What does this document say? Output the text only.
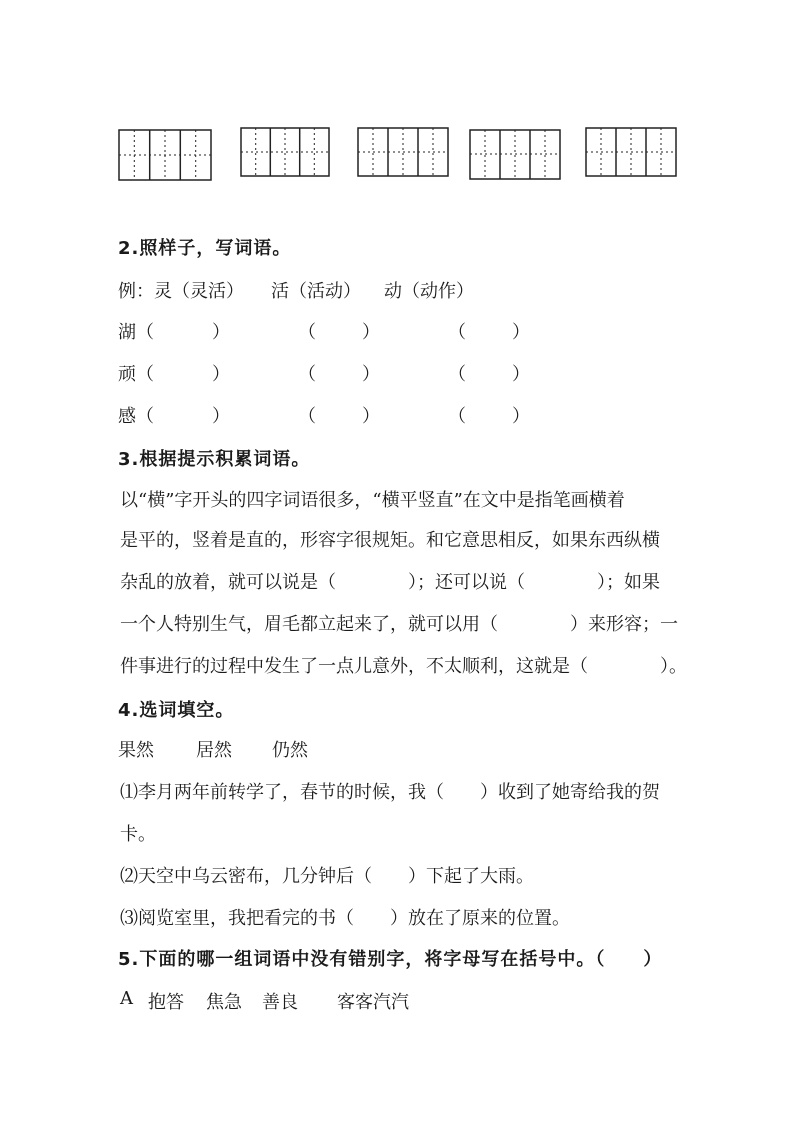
2.照样子，写词语。
例：灵（灵活） 活（活动） 动（动作）
湖（	）	（	）	（	）
顽（	）	（	）	（	）
感（	）	（	）	（	）
3.根据提示积累词语。
以“横”字开头的四字词语很多，“横平竖直”在文中是指笔画横着
是平的，竖着是直的，形容字很规矩。和它意思相反，如果东西纵横
杂乱的放着，就可以说是（　　　　）；还可以说（　　　　）；如果
一个人特别生气，眉毛都立起来了，就可以用（　　　　）来形容；一
件事进行的过程中发生了一点儿意外，不太顺利，这就是（　　　　）。
4.选词填空。
果然 居然 仍然
⑴李月两年前转学了，春节的时候，我（　　）收到了她寄给我的贺
卡。
⑵天空中乌云密布，几分钟后（　　）下起了大雨。
⑶阅览室里，我把看完的书（　　）放在了原来的位置。
5.下面的哪一组词语中没有错别字，将字母写在括号中。（　　）
A 抱答 焦急 善良 客客汽汽
